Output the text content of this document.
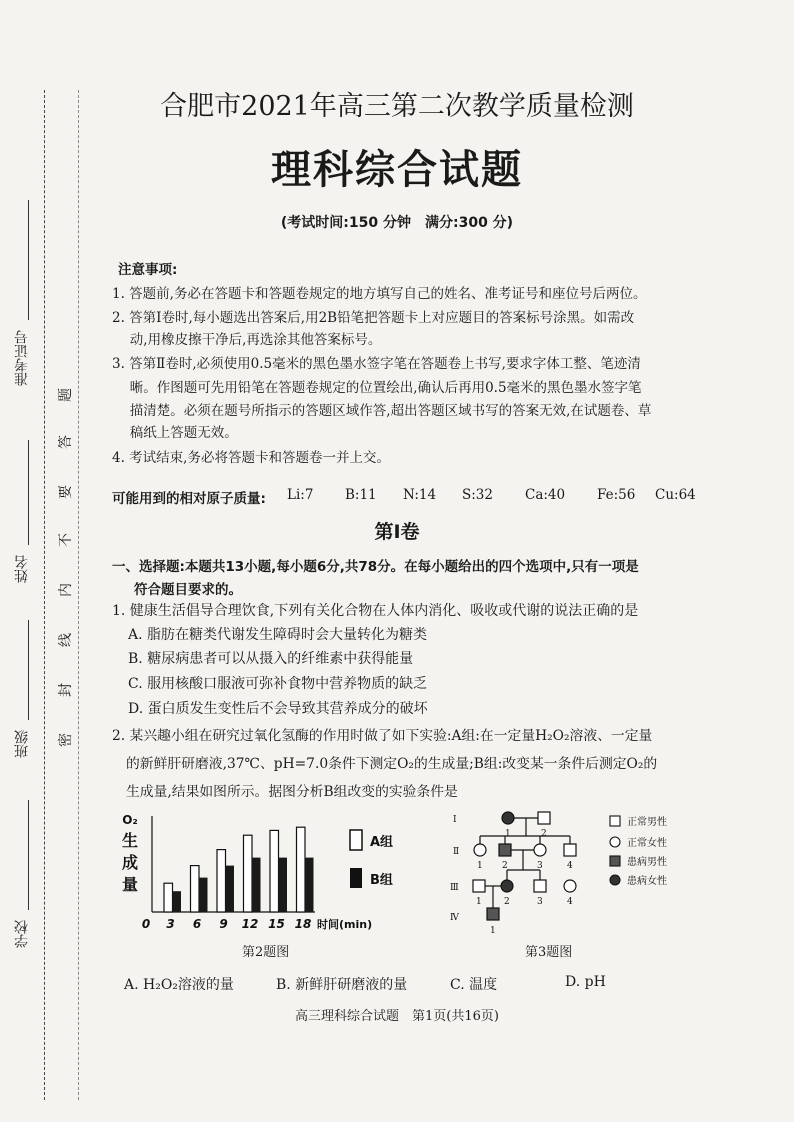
准考证号
姓名
班级
学校
题
答
要
不
内
线
封
密
合肥市2021年高三第二次教学质量检测
理科综合试题
(考试时间:150 分钟　满分:300 分)
注意事项:
1. 答题前,务必在答题卡和答题卷规定的地方填写自己的姓名、准考证号和座位号后两位。
2. 答第Ⅰ卷时,每小题选出答案后,用2B铅笔把答题卡上对应题目的答案标号涂黑。如需改
　 动,用橡皮擦干净后,再选涂其他答案标号。
3. 答第Ⅱ卷时,必须使用0.5毫米的黑色墨水签字笔在答题卷上书写,要求字体工整、笔迹清
　 晰。作图题可先用铅笔在答题卷规定的位置绘出,确认后再用0.5毫米的黑色墨水签字笔
　 描清楚。必须在题号所指示的答题区域作答,超出答题区域书写的答案无效,在试题卷、草
　 稿纸上答题无效。
4. 考试结束,务必将答题卡和答题卷一并上交。
可能用到的相对原子质量: Li:7 B:11 N:14 S:32 Ca:40 Fe:56 Cu:64
第Ⅰ卷
一、选择题:本题共13小题,每小题6分,共78分。在每小题给出的四个选项中,只有一项是
符合题目要求的。
1. 健康生活倡导合理饮食,下列有关化合物在人体内消化、吸收或代谢的说法正确的是
A. 脂肪在糖类代谢发生障碍时会大量转化为糖类
B. 糖尿病患者可以从摄入的纤维素中获得能量
C. 服用核酸口服液可弥补食物中营养物质的缺乏
D. 蛋白质发生变性后不会导致其营养成分的破坏
2. 某兴趣小组在研究过氧化氢酶的作用时做了如下实验:A组:在一定量H₂O₂溶液、一定量
的新鲜肝研磨液,37℃、pH=7.0条件下测定O₂的生成量;B组:改变某一条件后测定O₂的
生成量,结果如图所示。据图分析B组改变的实验条件是
O₂
生
成
量
0 3 6 9 12 15 18 时间(min)
A组
B组
第2题图
Ⅰ
Ⅱ
Ⅲ
Ⅳ
1	2
1 2	3	4
1 2	3	4
1
正常男性
正常女性
患病男性
患病女性
第3题图
A. H₂O₂溶液的量	B. 新鲜肝研磨液的量	C. 温度	D. pH
高三理科综合试题　第1页(共16页)
